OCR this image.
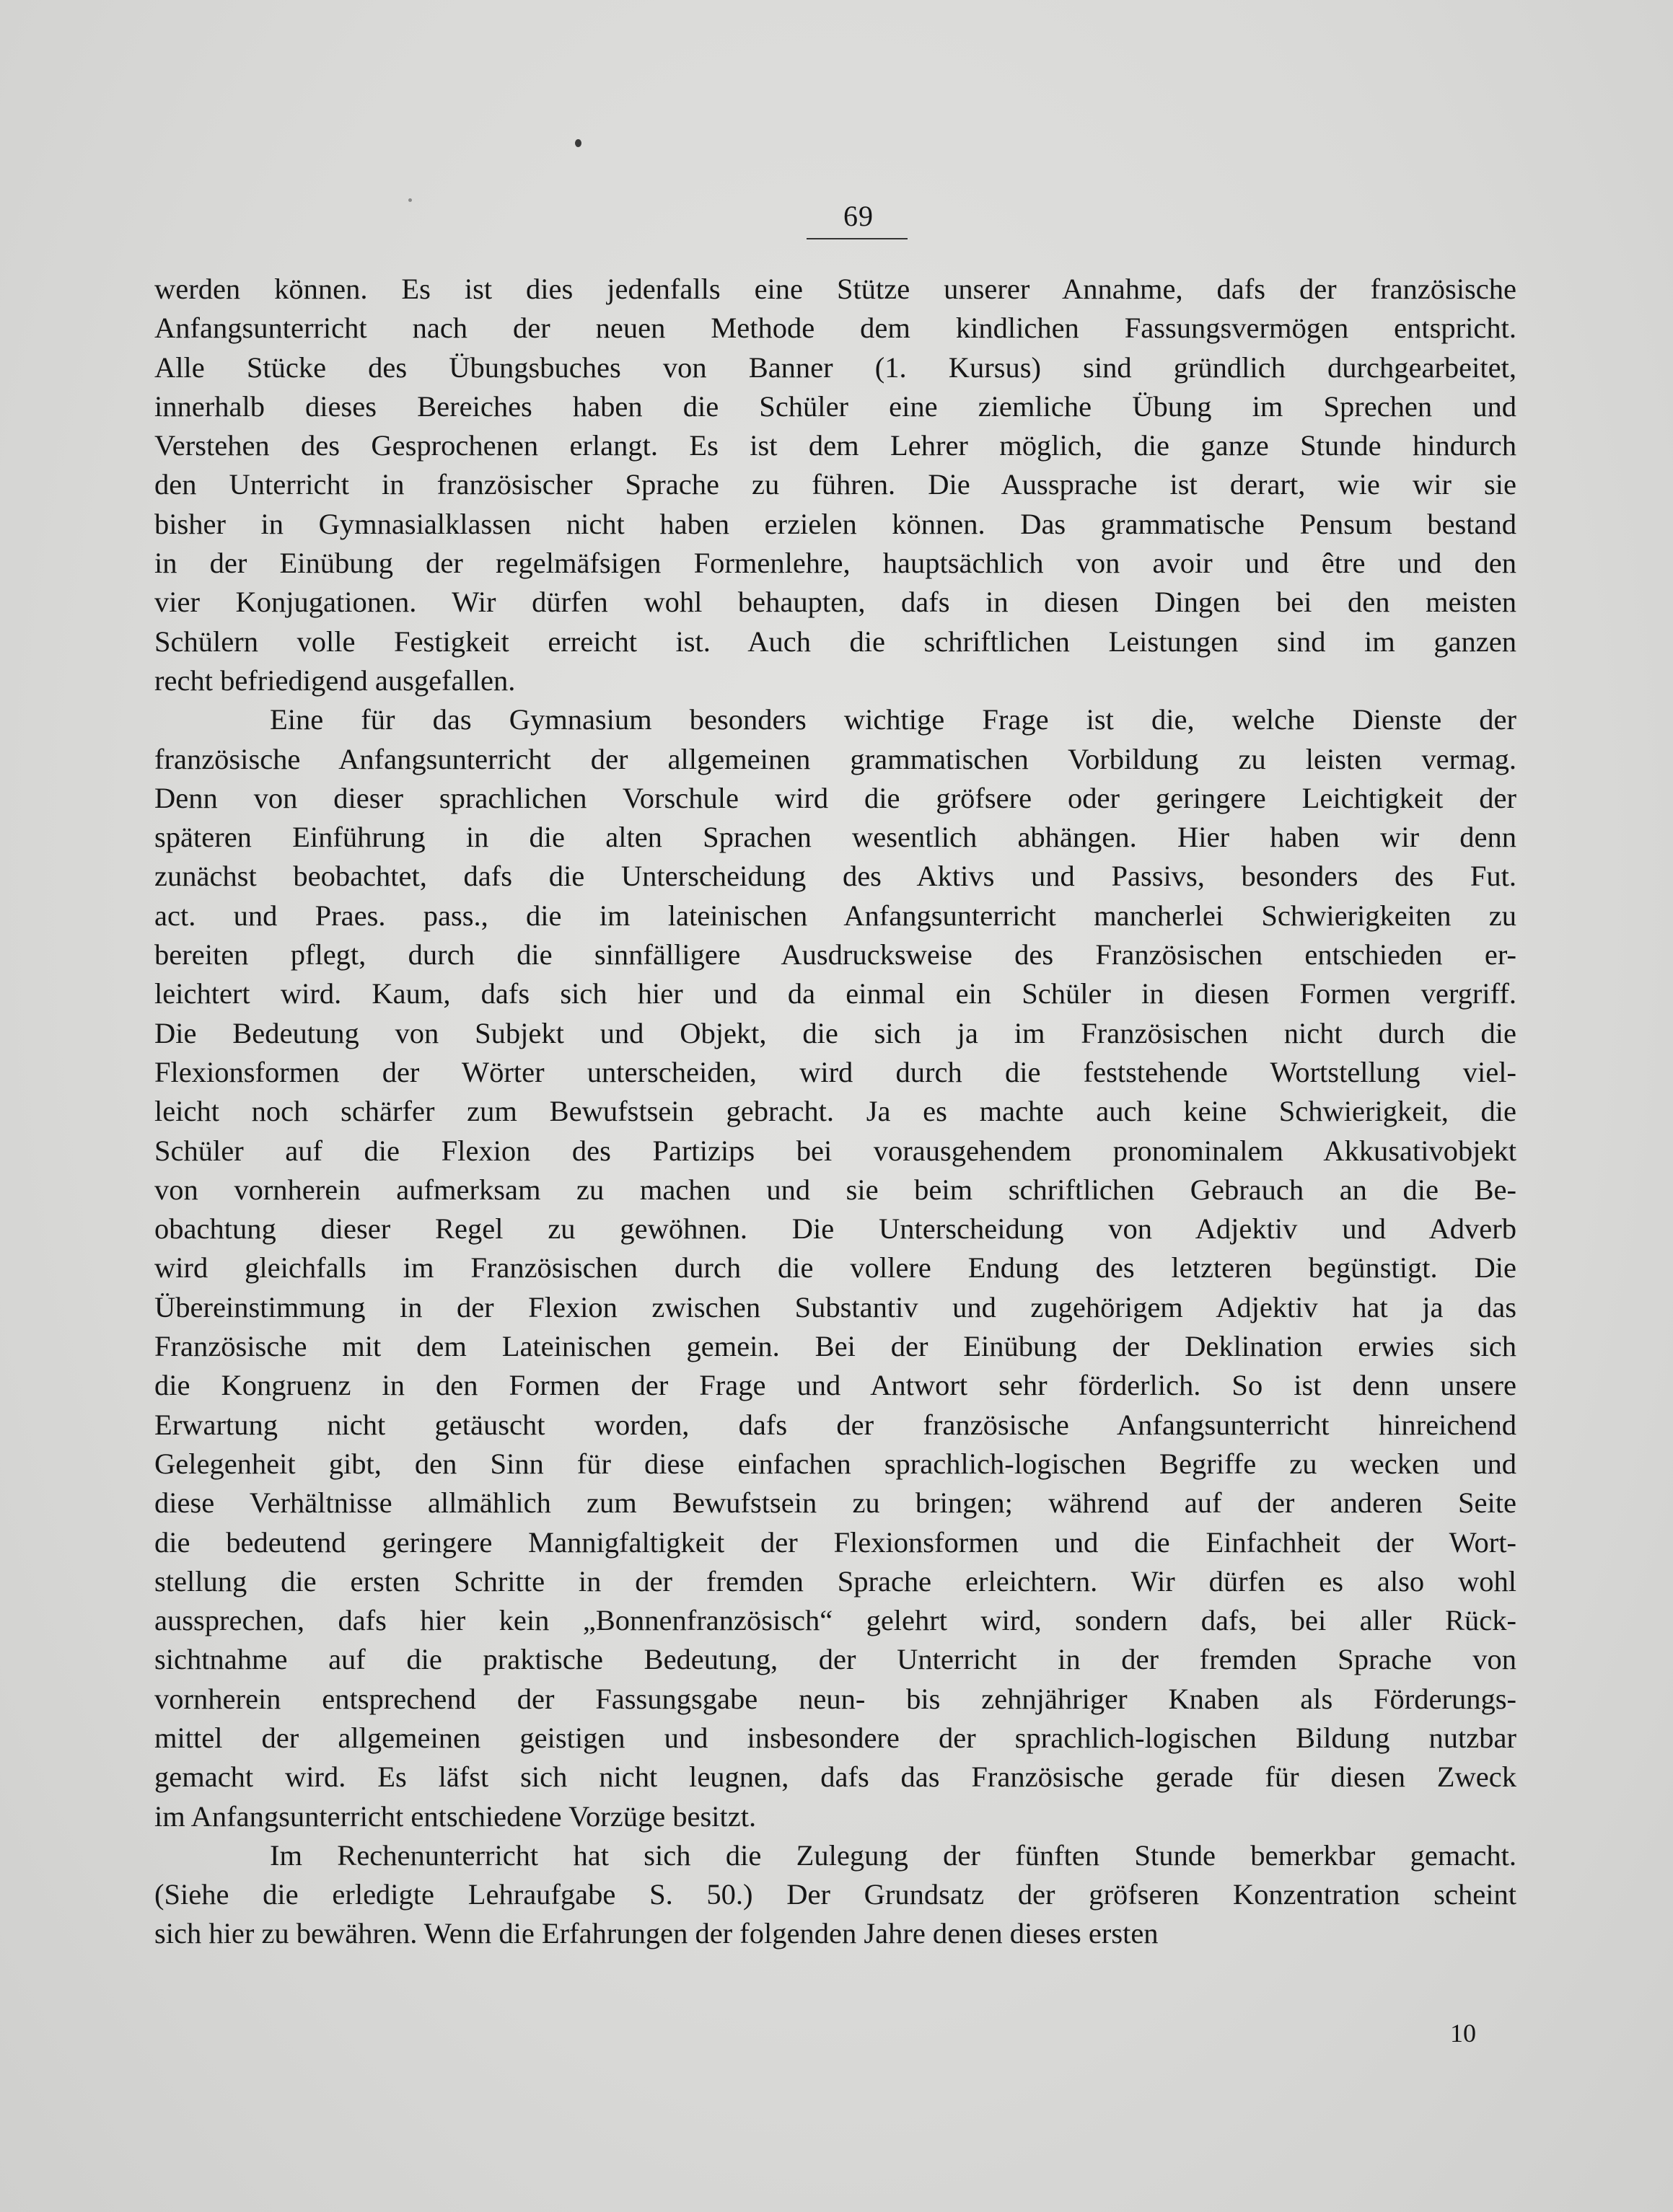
69
werden können. Es ist dies jedenfalls eine Stütze unserer Annahme, dafs der französische
Anfangsunterricht nach der neuen Methode dem kindlichen Fassungsvermögen entspricht.
Alle Stücke des Übungsbuches von Banner (1. Kursus) sind gründlich durchgearbeitet,
innerhalb dieses Bereiches haben die Schüler eine ziemliche Übung im Sprechen und
Verstehen des Gesprochenen erlangt. Es ist dem Lehrer möglich, die ganze Stunde hindurch
den Unterricht in französischer Sprache zu führen. Die Aussprache ist derart, wie wir sie
bisher in Gymnasialklassen nicht haben erzielen können. Das grammatische Pensum bestand
in der Einübung der regelmäfsigen Formenlehre, hauptsächlich von avoir und être und den
vier Konjugationen. Wir dürfen wohl behaupten, dafs in diesen Dingen bei den meisten
Schülern volle Festigkeit erreicht ist. Auch die schriftlichen Leistungen sind im ganzen
recht befriedigend ausgefallen.
Eine für das Gymnasium besonders wichtige Frage ist die, welche Dienste der
französische Anfangsunterricht der allgemeinen grammatischen Vorbildung zu leisten vermag.
Denn von dieser sprachlichen Vorschule wird die gröfsere oder geringere Leichtigkeit der
späteren Einführung in die alten Sprachen wesentlich abhängen. Hier haben wir denn
zunächst beobachtet, dafs die Unterscheidung des Aktivs und Passivs, besonders des Fut.
act. und Praes. pass., die im lateinischen Anfangsunterricht mancherlei Schwierigkeiten zu
bereiten pflegt, durch die sinnfälligere Ausdrucksweise des Französischen entschieden er-
leichtert wird. Kaum, dafs sich hier und da einmal ein Schüler in diesen Formen vergriff.
Die Bedeutung von Subjekt und Objekt, die sich ja im Französischen nicht durch die
Flexionsformen der Wörter unterscheiden, wird durch die feststehende Wortstellung viel-
leicht noch schärfer zum Bewufstsein gebracht. Ja es machte auch keine Schwierigkeit, die
Schüler auf die Flexion des Partizips bei vorausgehendem pronominalem Akkusativobjekt
von vornherein aufmerksam zu machen und sie beim schriftlichen Gebrauch an die Be-
obachtung dieser Regel zu gewöhnen. Die Unterscheidung von Adjektiv und Adverb
wird gleichfalls im Französischen durch die vollere Endung des letzteren begünstigt. Die
Übereinstimmung in der Flexion zwischen Substantiv und zugehörigem Adjektiv hat ja das
Französische mit dem Lateinischen gemein. Bei der Einübung der Deklination erwies sich
die Kongruenz in den Formen der Frage und Antwort sehr förderlich. So ist denn unsere
Erwartung nicht getäuscht worden, dafs der französische Anfangsunterricht hinreichend
Gelegenheit gibt, den Sinn für diese einfachen sprachlich-logischen Begriffe zu wecken und
diese Verhältnisse allmählich zum Bewufstsein zu bringen; während auf der anderen Seite
die bedeutend geringere Mannigfaltigkeit der Flexionsformen und die Einfachheit der Wort-
stellung die ersten Schritte in der fremden Sprache erleichtern. Wir dürfen es also wohl
aussprechen, dafs hier kein „Bonnenfranzösisch“ gelehrt wird, sondern dafs, bei aller Rück-
sichtnahme auf die praktische Bedeutung, der Unterricht in der fremden Sprache von
vornherein entsprechend der Fassungsgabe neun- bis zehnjähriger Knaben als Förderungs-
mittel der allgemeinen geistigen und insbesondere der sprachlich-logischen Bildung nutzbar
gemacht wird. Es läfst sich nicht leugnen, dafs das Französische gerade für diesen Zweck
im Anfangsunterricht entschiedene Vorzüge besitzt.
Im Rechenunterricht hat sich die Zulegung der fünften Stunde bemerkbar gemacht.
(Siehe die erledigte Lehraufgabe S. 50.) Der Grundsatz der gröfseren Konzentration scheint
sich hier zu bewähren. Wenn die Erfahrungen der folgenden Jahre denen dieses ersten
10
